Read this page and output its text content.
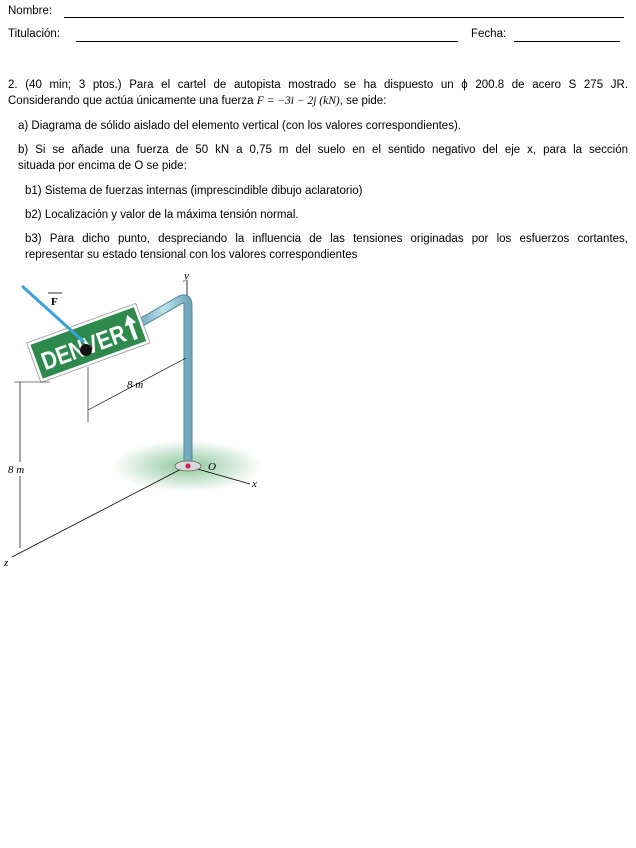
Nombre:
Titulación:	Fecha:
2. (40 min; 3 ptos.) Para el cartel de autopista mostrado se ha dispuesto un ϕ 200.8 de acero S 275 JR.
Considerando que actúa únicamente una fuerza F = −3i − 2j (kN), se pide:
a) Diagrama de sólido aislado del elemento vertical (con los valores correspondientes).
b) Si se añade una fuerza de 50 kN a 0,75 m del suelo en el sentido negativo del eje x, para la sección
situada por encima de O se pide:
b1) Sistema de fuerzas internas (imprescindible dibujo aclaratorio)
b2) Localización y valor de la máxima tensión normal.
b3) Para dicho punto, despreciando la influencia de las tensiones originadas por los esfuerzos cortantes,
representar su estado tensional con los valores correspondientes
DENVER
8 m
8 m
F
y
x
z
O
